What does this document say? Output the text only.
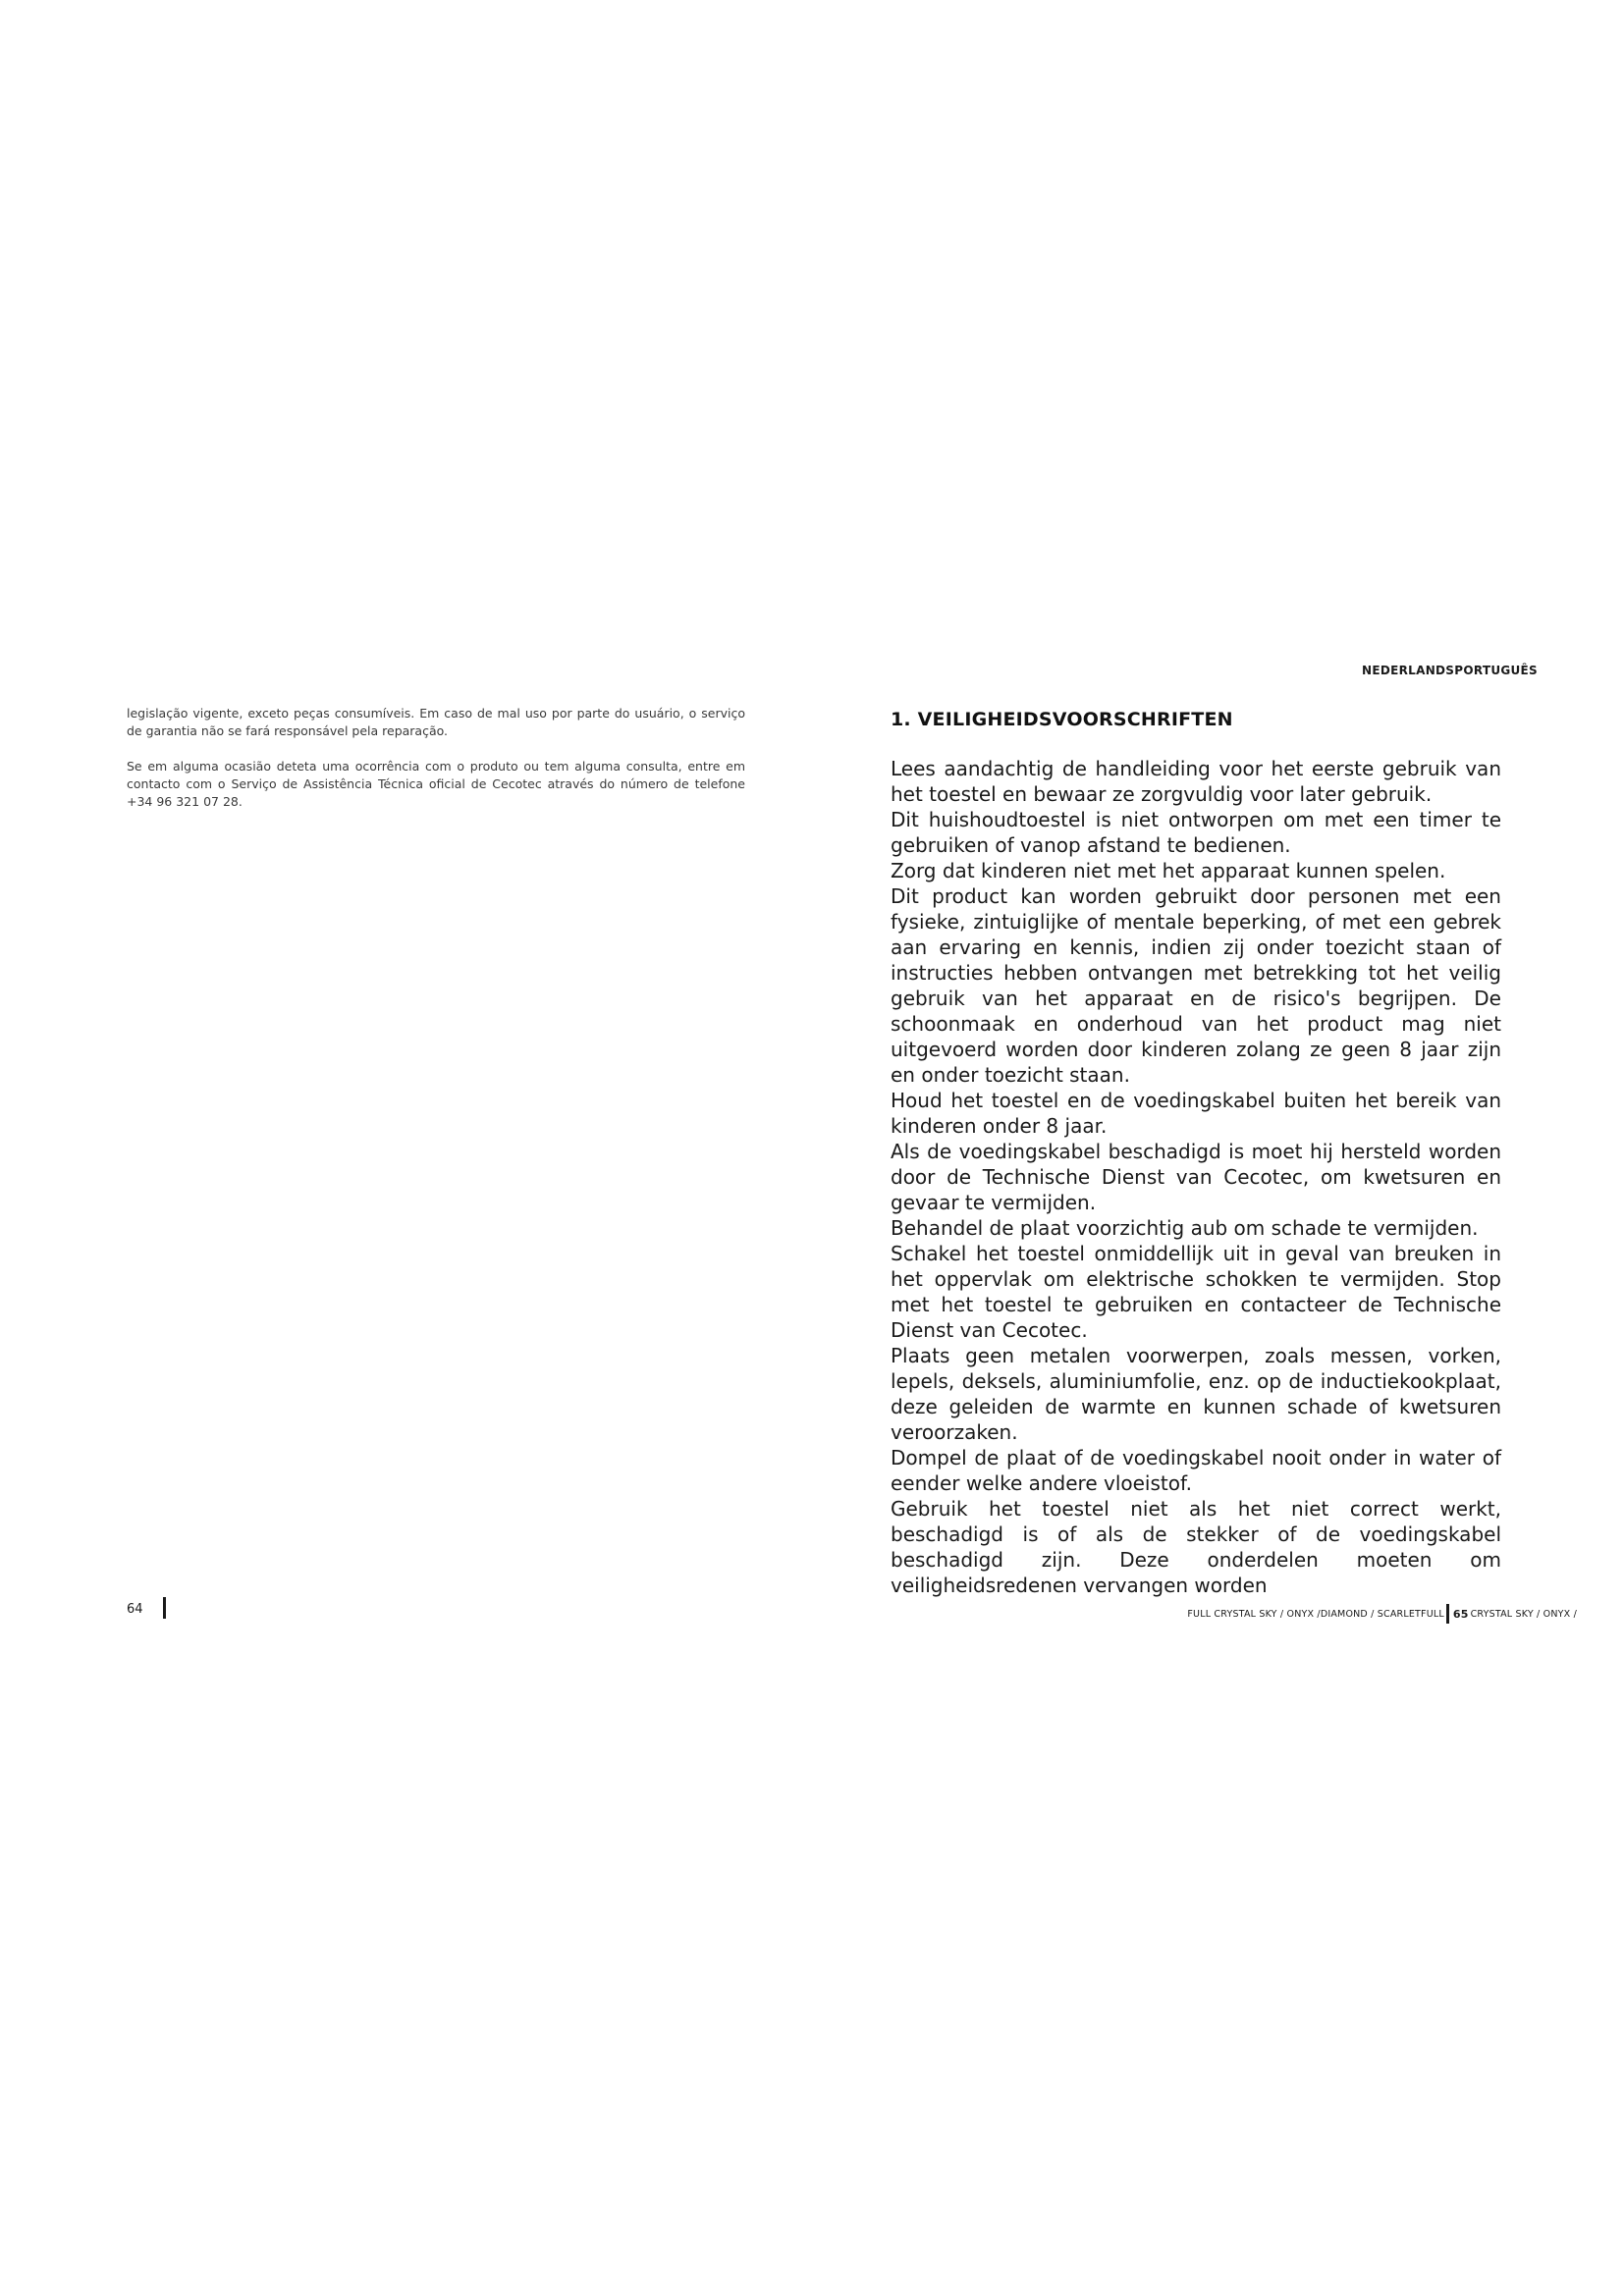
NEDERLANDSPORTUGUÊS

legislação vigente, exceto peças consumíveis. Em caso de mal uso por parte do usuário, o serviço de garantia não se fará responsável pela reparação.

Se em alguma ocasião deteta uma ocorrência com o produto ou tem alguma consulta, entre em contacto com o Serviço de Assistência Técnica oficial de Cecotec através do número de telefone +34 96 321 07 28.

1. VEILIGHEIDSVOORSCHRIFTEN

Lees aandachtig de handleiding voor het eerste gebruik van het toestel en bewaar ze zorgvuldig voor later gebruik.

Dit huishoudtoestel is niet ontworpen om met een timer te gebruiken of vanop afstand te bedienen.

Zorg dat kinderen niet met het apparaat kunnen spelen.

Dit product kan worden gebruikt door personen met een fysieke, zintuiglijke of mentale beperking, of met een gebrek aan ervaring en kennis, indien zij onder toezicht staan of instructies hebben ontvangen met betrekking tot het veilig gebruik van het apparaat en de risico's begrijpen. De schoonmaak en onderhoud van het product mag niet uitgevoerd worden door kinderen zolang ze geen 8 jaar zijn en onder toezicht staan.

Houd het toestel en de voedingskabel buiten het bereik van kinderen onder 8 jaar.

Als de voedingskabel beschadigd is moet hij hersteld worden door de Technische Dienst van Cecotec, om kwetsuren en gevaar te vermijden.

Behandel de plaat voorzichtig aub om schade te vermijden.

Schakel het toestel onmiddellijk uit in geval van breuken in het oppervlak om elektrische schokken te vermijden. Stop met het toestel te gebruiken en contacteer de Technische Dienst van Cecotec.

Plaats geen metalen voorwerpen, zoals messen, vorken, lepels, deksels, aluminiumfolie, enz. op de inductiekookplaat, deze geleiden de warmte en kunnen schade of kwetsuren veroorzaken.

Dompel de plaat of de voedingskabel nooit onder in water of eender welke andere vloeistof.

Gebruik het toestel niet als het niet correct werkt, beschadigd is of als de stekker of de voedingskabel beschadigd zijn. Deze onderdelen moeten om veiligheidsredenen vervangen worden

64	FULL CRYSTAL SKY / ONYX /DIAMOND / SCARLETFULL 65 CRYSTAL SKY / ONYX /
